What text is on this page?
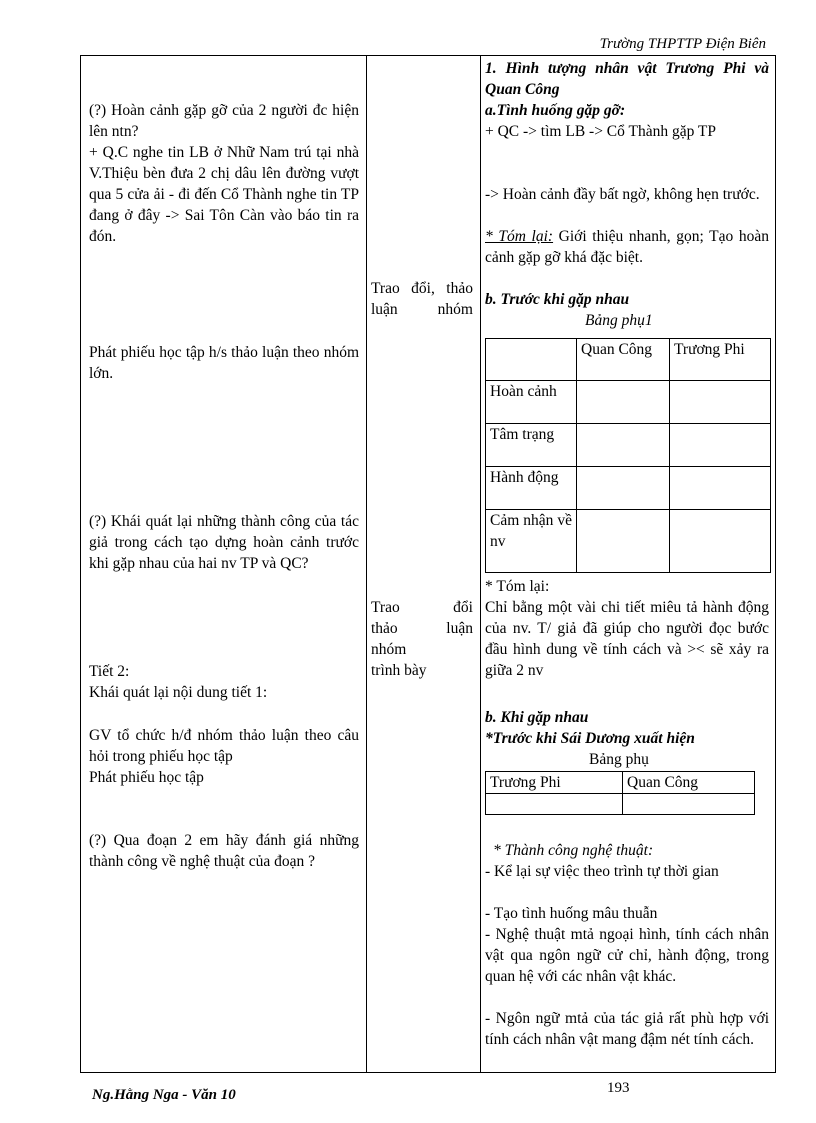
Trường THPTTP Điện Biên
(?) Hoàn cảnh gặp gỡ của 2 người đc hiện lên ntn?
+ Q.C nghe tin LB ở Nhữ Nam trú tại nhà V.Thiệu bèn đưa 2 chị dâu lên đường vượt qua 5 cửa ải - đi đến Cổ Thành nghe tin TP đang ở đây -> Sai Tôn Càn vào báo tin ra đón.
Phát phiếu học tập h/s thảo luận theo nhóm lớn.
(?) Khái quát lại những thành công của tác giả trong cách tạo dựng hoàn cảnh trước khi gặp nhau của hai nv TP và QC?
Tiết 2:
Khái quát lại nội dung tiết 1:
GV tổ chức h/đ nhóm thảo luận theo câu hỏi trong phiếu học tập
Phát phiếu học tập
(?) Qua đoạn 2 em hãy đánh giá những thành công về nghệ thuật của đoạn ?
Trao đổi, thảo luận nhóm
Trao đổi
thảo luận
nhóm
trình bày
1. Hình tượng nhân vật Trương Phi và Quan Công
a.Tình huống gặp gỡ:
+ QC -> tìm LB -> Cổ Thành gặp TP
-> Hoàn cảnh đầy bất ngờ, không hẹn trước.
* Tóm lại: Giới thiệu nhanh, gọn; Tạo hoàn cảnh gặp gỡ khá đặc biệt.
b. Trước khi gặp nhau
Bảng phụ1
	Quan Công	Trương Phi
Hoàn cảnh		
Tâm trạng		
Hành động		
Cảm nhận về nv		
* Tóm lại:
Chỉ bằng một vài chi tiết miêu tả hành động của nv. T/ giả đã giúp cho người đọc bước đầu hình dung về tính cách và >< sẽ xảy ra giữa 2 nv
b. Khi gặp nhau
*Trước khi Sái Dương xuất hiện
Bảng phụ
Trương Phi	Quan Công

* Thành công nghệ thuật:
- Kể lại sự việc theo trình tự thời gian
- Tạo tình huống mâu thuẫn
- Nghệ thuật mtả ngoại hình, tính cách nhân vật qua ngôn ngữ cử chỉ, hành động, trong quan hệ với các nhân vật khác.
- Ngôn ngữ mtả của tác giả rất phù hợp với tính cách nhân vật mang đậm nét tính cách.
Ng.Hằng Nga - Văn 10	193
